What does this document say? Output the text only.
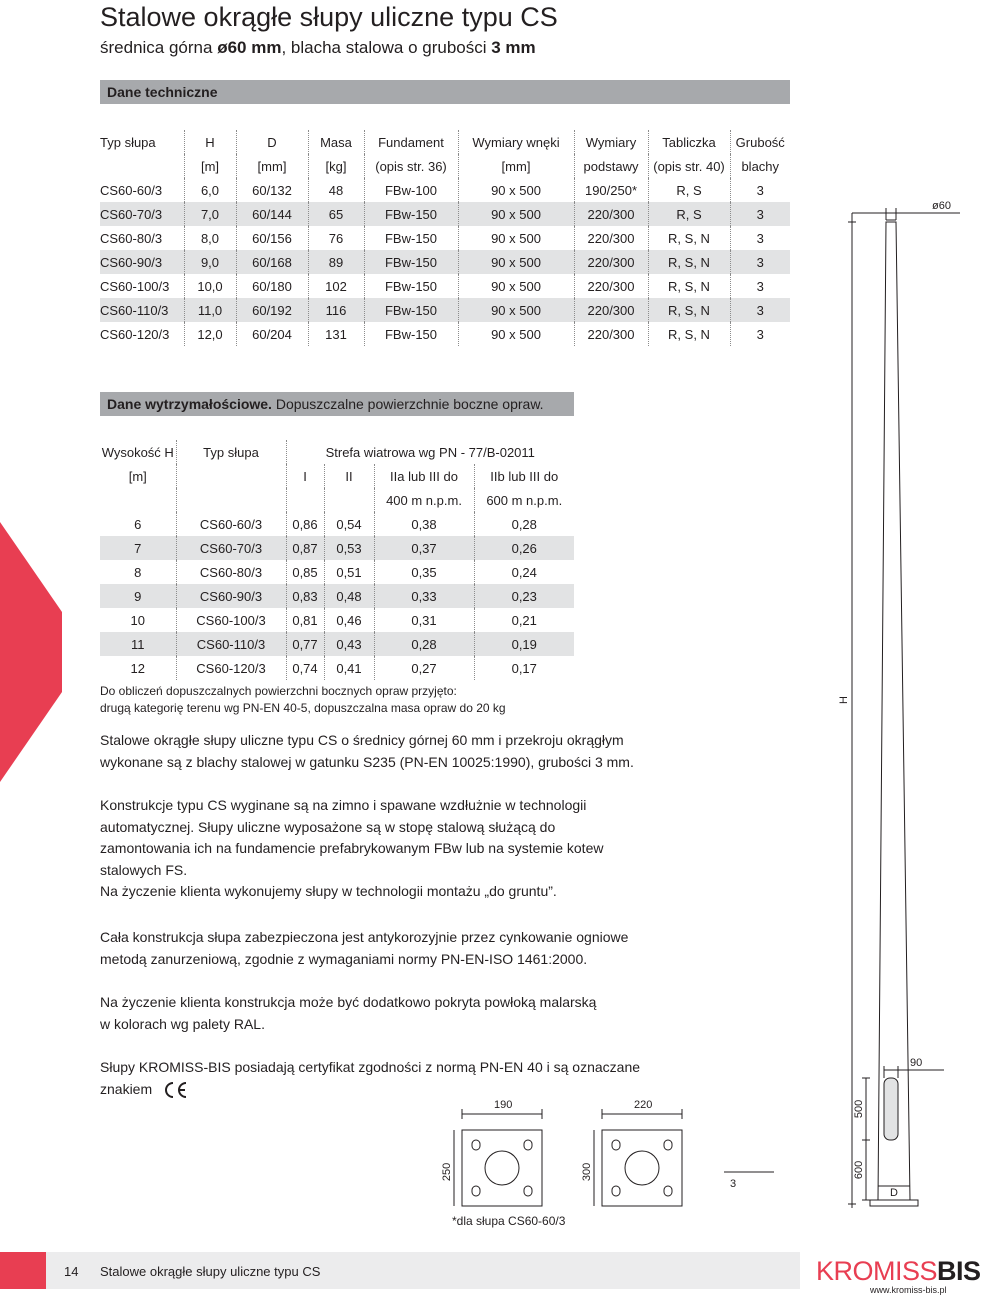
Stalowe okrągłe słupy uliczne typu CS
średnica górna ø60 mm, blacha stalowa o grubości 3 mm
Dane techniczne
Typ słupa	H	D	Masa	Fundament	Wymiary wnęki	Wymiary	Tabliczka	Grubość
	[m]	[mm]	[kg]	(opis str. 36)	[mm]	podstawy	(opis str. 40)	blachy
CS60-60/3	6,0	60/132	48	FBw-100	90 x 500	190/250*	R, S	3
CS60-70/3	7,0	60/144	65	FBw-150	90 x 500	220/300	R, S	3
CS60-80/3	8,0	60/156	76	FBw-150	90 x 500	220/300	R, S, N	3
CS60-90/3	9,0	60/168	89	FBw-150	90 x 500	220/300	R, S, N	3
CS60-100/3	10,0	60/180	102	FBw-150	90 x 500	220/300	R, S, N	3
CS60-110/3	11,0	60/192	116	FBw-150	90 x 500	220/300	R, S, N	3
CS60-120/3	12,0	60/204	131	FBw-150	90 x 500	220/300	R, S, N	3
Dane wytrzymałościowe. Dopuszczalne powierzchnie boczne opraw.
Wysokość H	Typ słupa	Strefa wiatrowa wg PN - 77/B-02011			
[m]		I	II	IIa lub III do	IIb lub III do
				400 m n.p.m.	600 m n.p.m.
6	CS60-60/3	0,86	0,54	0,38	0,28
7	CS60-70/3	0,87	0,53	0,37	0,26
8	CS60-80/3	0,85	0,51	0,35	0,24
9	CS60-90/3	0,83	0,48	0,33	0,23
10	CS60-100/3	0,81	0,46	0,31	0,21
11	CS60-110/3	0,77	0,43	0,28	0,19
12	CS60-120/3	0,74	0,41	0,27	0,17
Do obliczeń dopuszczalnych powierzchni bocznych opraw przyjęto:
drugą kategorię terenu wg PN-EN 40-5, dopuszczalna masa opraw do 20 kg
Stalowe okrągłe słupy uliczne typu CS o średnicy górnej 60 mm i przekroju okrągłym
wykonane są z blachy stalowej w gatunku S235 (PN-EN 10025:1990), grubości 3 mm.
Konstrukcje typu CS wyginane są na zimno i spawane wzdłużnie w technologii
automatycznej. Słupy uliczne wyposażone są w stopę stalową służącą do
zamontowania ich na fundamencie prefabrykowanym FBw lub na systemie kotew
stalowych FS.
Na życzenie klienta wykonujemy słupy w technologii montażu „do gruntu”.
Cała konstrukcja słupa zabezpieczona jest antykorozyjnie przez cynkowanie ogniowe
metodą zanurzeniową, zgodnie z wymaganiami normy PN-EN-ISO 1461:2000.
Na życzenie klienta konstrukcja może być dodatkowo pokryta powłoką malarską
w kolorach wg palety RAL.
Słupy KROMISS-BIS posiadają certyfikat zgodności z normą PN-EN 40 i są oznaczane
znakiem
ø60
H
90
500
600
D
3
190
250
220
300
*dla słupa CS60-60/3
14 Stalowe okrągłe słupy uliczne typu CS	KROMISSBIS
www.kromiss-bis.pl
